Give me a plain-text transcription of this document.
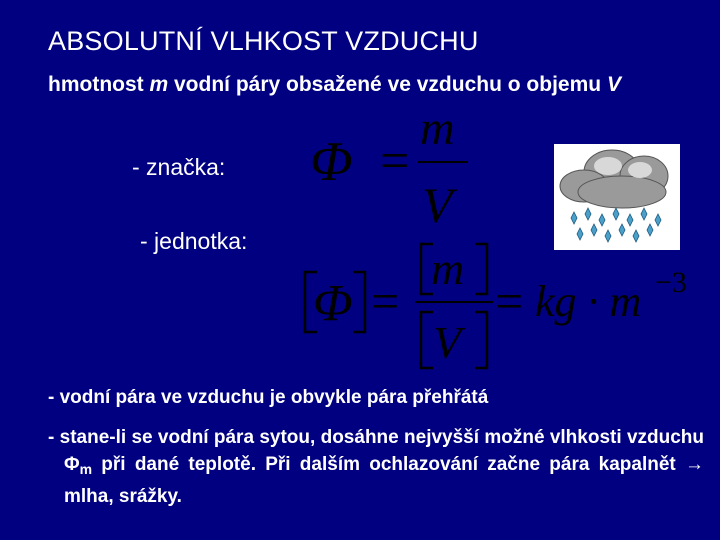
ABSOLUTNÍ VLHKOST VZDUCHU
hmotnost m vodní páry obsažené ve vzduchu o objemu V
- značka:
- jednotka:
Φ =
m
V
Φ =
m
V
= kg · m −3
- vodní pára ve vzduchu je obvykle pára přehřátá
- stane-li se vodní pára sytou, dosáhne nejvyšší možné vlhkosti vzduchu $\Phi_m$ při dané teplotě. Při dalším ochlazování začne pára kapalnět → mlha, srážky.
